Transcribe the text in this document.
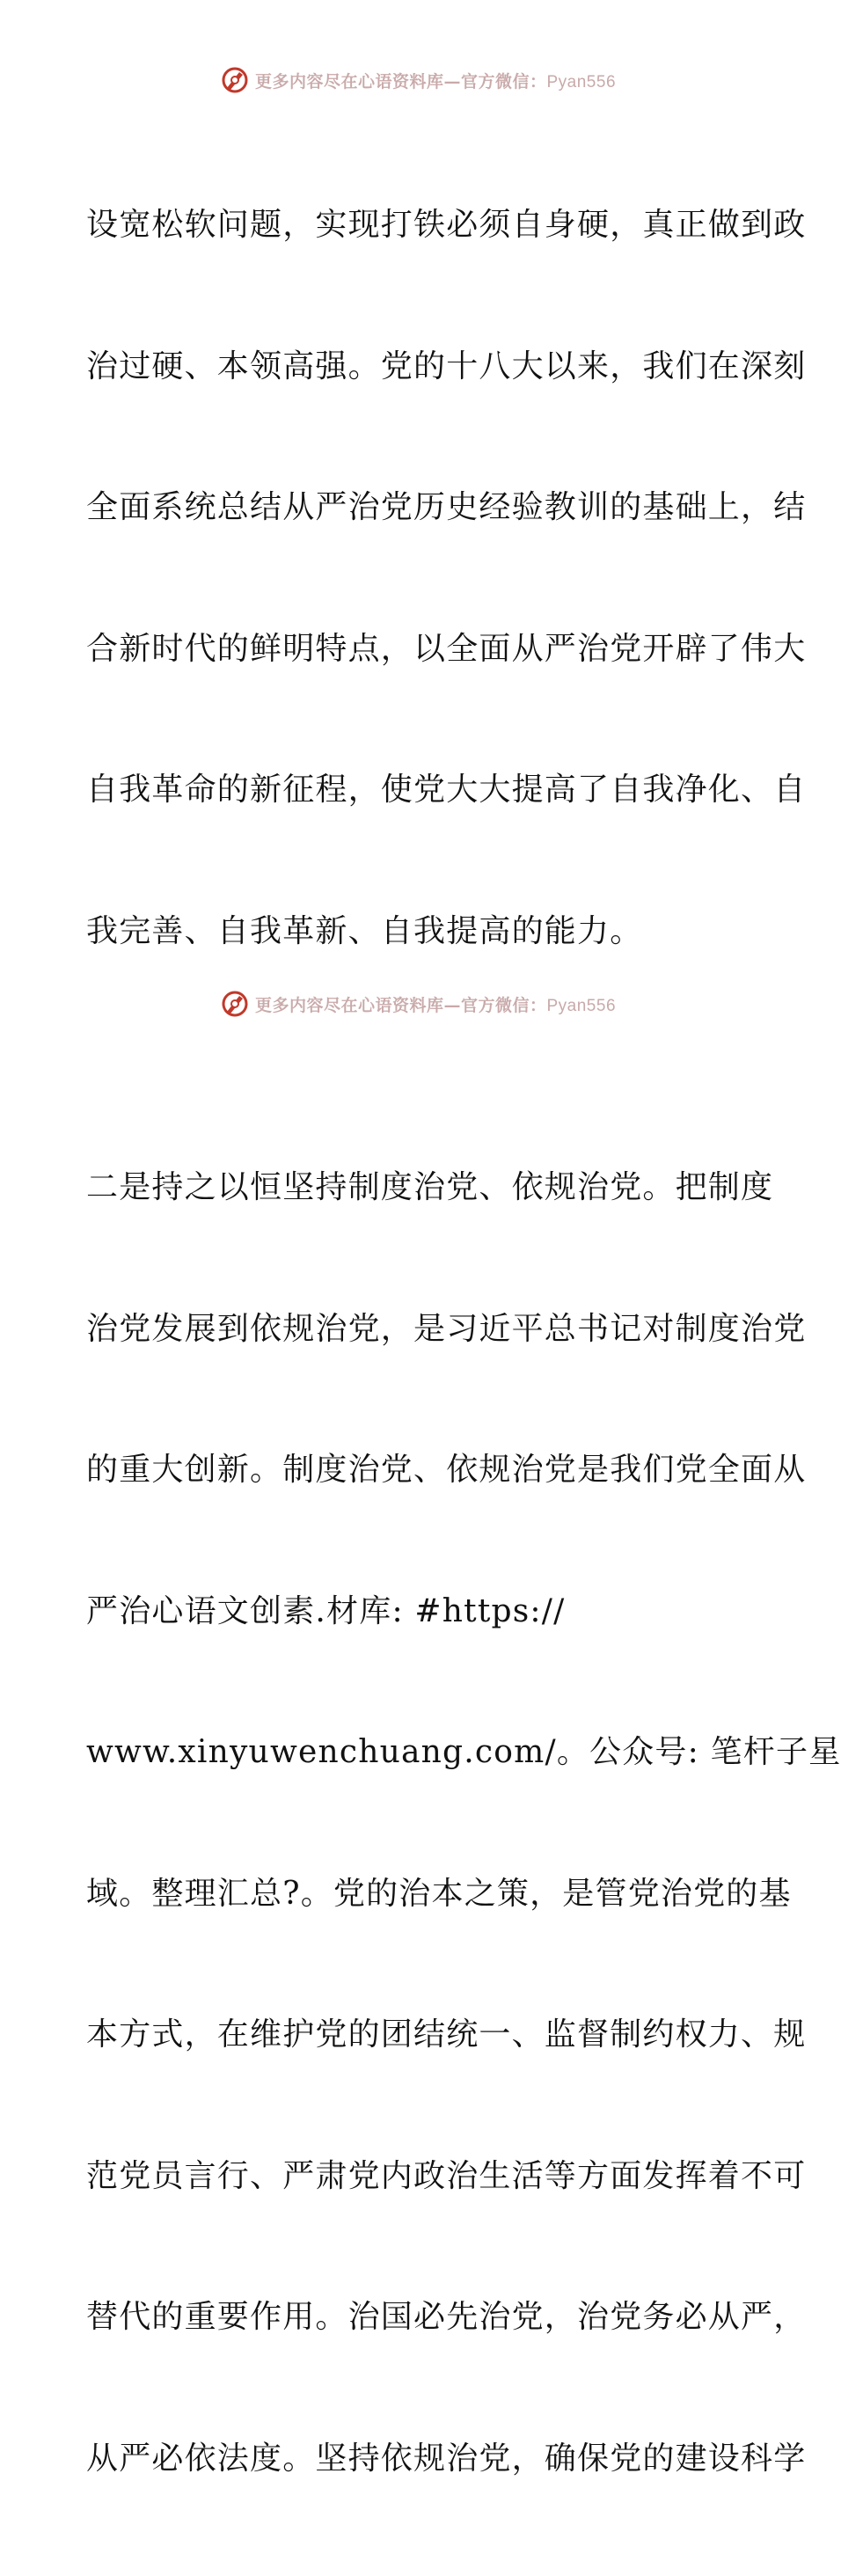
更多内容尽在心语资料库—官方微信：Pyan556

设宽松软问题，实现打铁必须自身硬，真正做到政

治过硬、本领高强。党的十八大以来，我们在深刻

全面系统总结从严治党历史经验教训的基础上，结

合新时代的鲜明特点，以全面从严治党开辟了伟大

自我革命的新征程，使党大大提高了自我净化、自

我完善、自我革新、自我提高的能力。

二是持之以恒坚持制度治党、依规治党。把制度

治党发展到依规治党，是习近平总书记对制度治党

的重大创新。制度治党、依规治党是我们党全面从

严治心语文创素.材库: #https://

www.xinyuwenchuang.com/。公众号: 笔杆子星

域。整理汇总?。党的治本之策，是管党治党的基

本方式，在维护党的团结统一、监督制约权力、规

范党员言行、严肃党内政治生活等方面发挥着不可

替代的重要作用。治国必先治党，治党务必从严，

从严必依法度。坚持依规治党，确保党的建设科学

更多内容尽在心语资料库—官方微信：Pyan556
